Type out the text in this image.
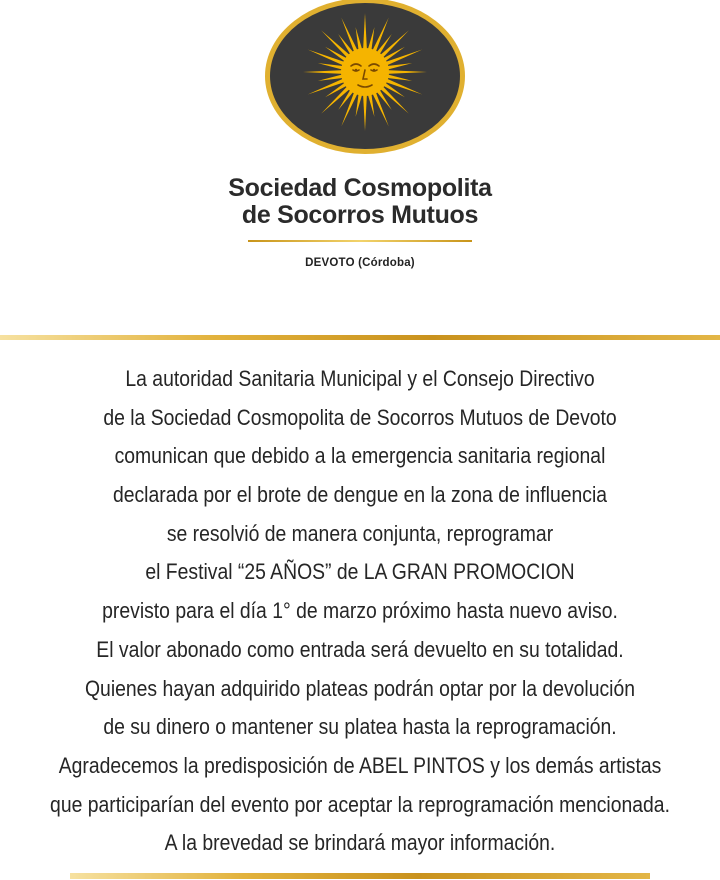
Sociedad Cosmopolita
de Socorros Mutuos
DEVOTO (Córdoba)
La autoridad Sanitaria Municipal y el Consejo Directivo
de la Sociedad Cosmopolita de Socorros Mutuos de Devoto
comunican que debido a la emergencia sanitaria regional
declarada por el brote de dengue en la zona de influencia
se resolvió de manera conjunta, reprogramar
el Festival “25 AÑOS” de LA GRAN PROMOCION
previsto para el día 1° de marzo próximo hasta nuevo aviso.
El valor abonado como entrada será devuelto en su totalidad.
Quienes hayan adquirido plateas podrán optar por la devolución
de su dinero o mantener su platea hasta la reprogramación.
Agradecemos la predisposición de ABEL PINTOS y los demás artistas
que participarían del evento por aceptar la reprogramación mencionada.
A la brevedad se brindará mayor información.
